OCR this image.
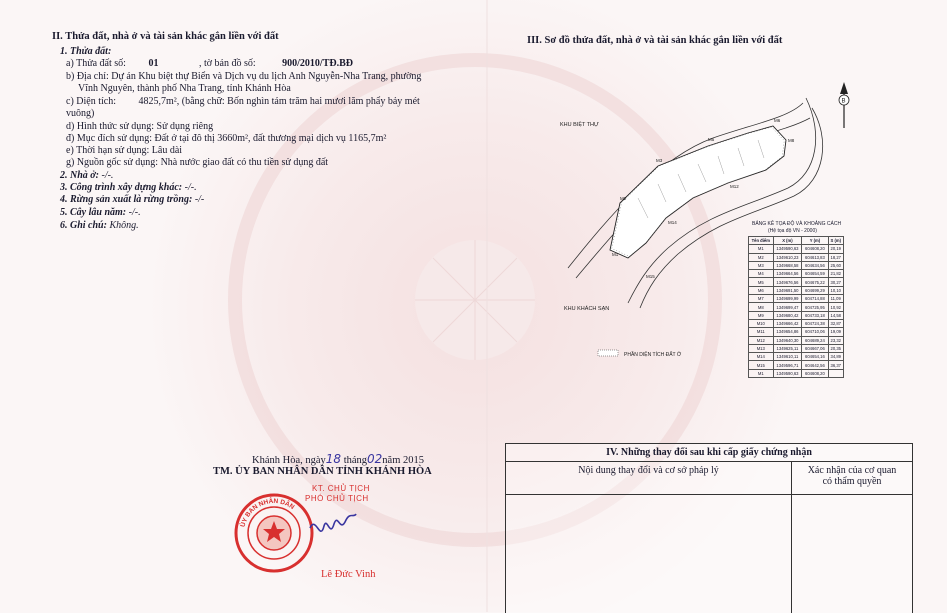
II. Thửa đất, nhà ở và tài sản khác gắn liền với đất
1. Thửa đất:
a) Thửa đất số: 01	, tờ bản đồ số:	900/2010/TĐ.BĐ
b) Địa chỉ: Dự án Khu biệt thự Biển và Dịch vụ du lịch Anh Nguyễn-Nha Trang, phường
Vĩnh Nguyên, thành phố Nha Trang, tỉnh Khánh Hòa
c) Diện tích: 4825,7m², (bằng chữ: Bốn nghìn tám trăm hai mươi lăm phẩy bảy mét
vuông)
d) Hình thức sử dụng: Sử dụng riêng
đ) Mục đích sử dụng: Đất ở tại đô thị 3660m², đất thương mại dịch vụ 1165,7m²
e) Thời hạn sử dụng: Lâu dài
g) Nguồn gốc sử dụng: Nhà nước giao đất có thu tiền sử dụng đất
2. Nhà ở: -/-.
3. Công trình xây dựng khác: -/-.
4. Rừng sản xuất là rừng trồng: -/-
5. Cây lâu năm: -/-.
6. Ghi chú: Không.
Khánh Hòa, ngày18 tháng02năm 2015
TM. ỦY BAN NHÂN DÂN TỈNH KHÁNH HÒA
KT. CHỦ TỊCH
PHÓ CHỦ TỊCH
ỦY BAN NHÂN DÂN
Lê Đức Vinh
III. Sơ đồ thửa đất, nhà ở và tài sản khác gắn liền với đất
B
KHU BIỆT THỰ
KHU KHÁCH SẠN
PHẦN DIỆN TÍCH ĐẤT Ở
M1
M2
M3
M5
M6
M8
M12
M14
M15
BẢNG KÊ TỌA ĐỘ VÀ KHOẢNG CÁCH
(Hệ tọa độ VN - 2000)
Tên điểm	X (m)	Y (m)	S (m)
M1	1349590,63	604608,20	20,19
M2	1349610,23	604613,83	18,27
M3	1349668,58	604634,56	25,60
M4	1349664,56	604654,59	21,82
M5	1349676,56	604675,22	30,27
M6	1349691,50	604699,29	10,10
M7	1349699,99	604714,88	11,09
M8	1349699,47	604725,95	10,92
M9	1349680,42	604733,18	14,58
M10	1349666,42	604724,38	32,87
M11	1349654,86	604710,06	19,09
M12	1349640,30	604689,24	23,32
M13	1349625,11	604667,06	20,35
M14	1349610,11	604654,16	34,89
M15	1349596,71	604642,56	36,37
M1	1349590,63	604608,20	
IV. Những thay đổi sau khi cấp giấy chứng nhận
Nội dung thay đổi và cơ sở pháp lý	Xác nhận của cơ quan
có thẩm quyền
